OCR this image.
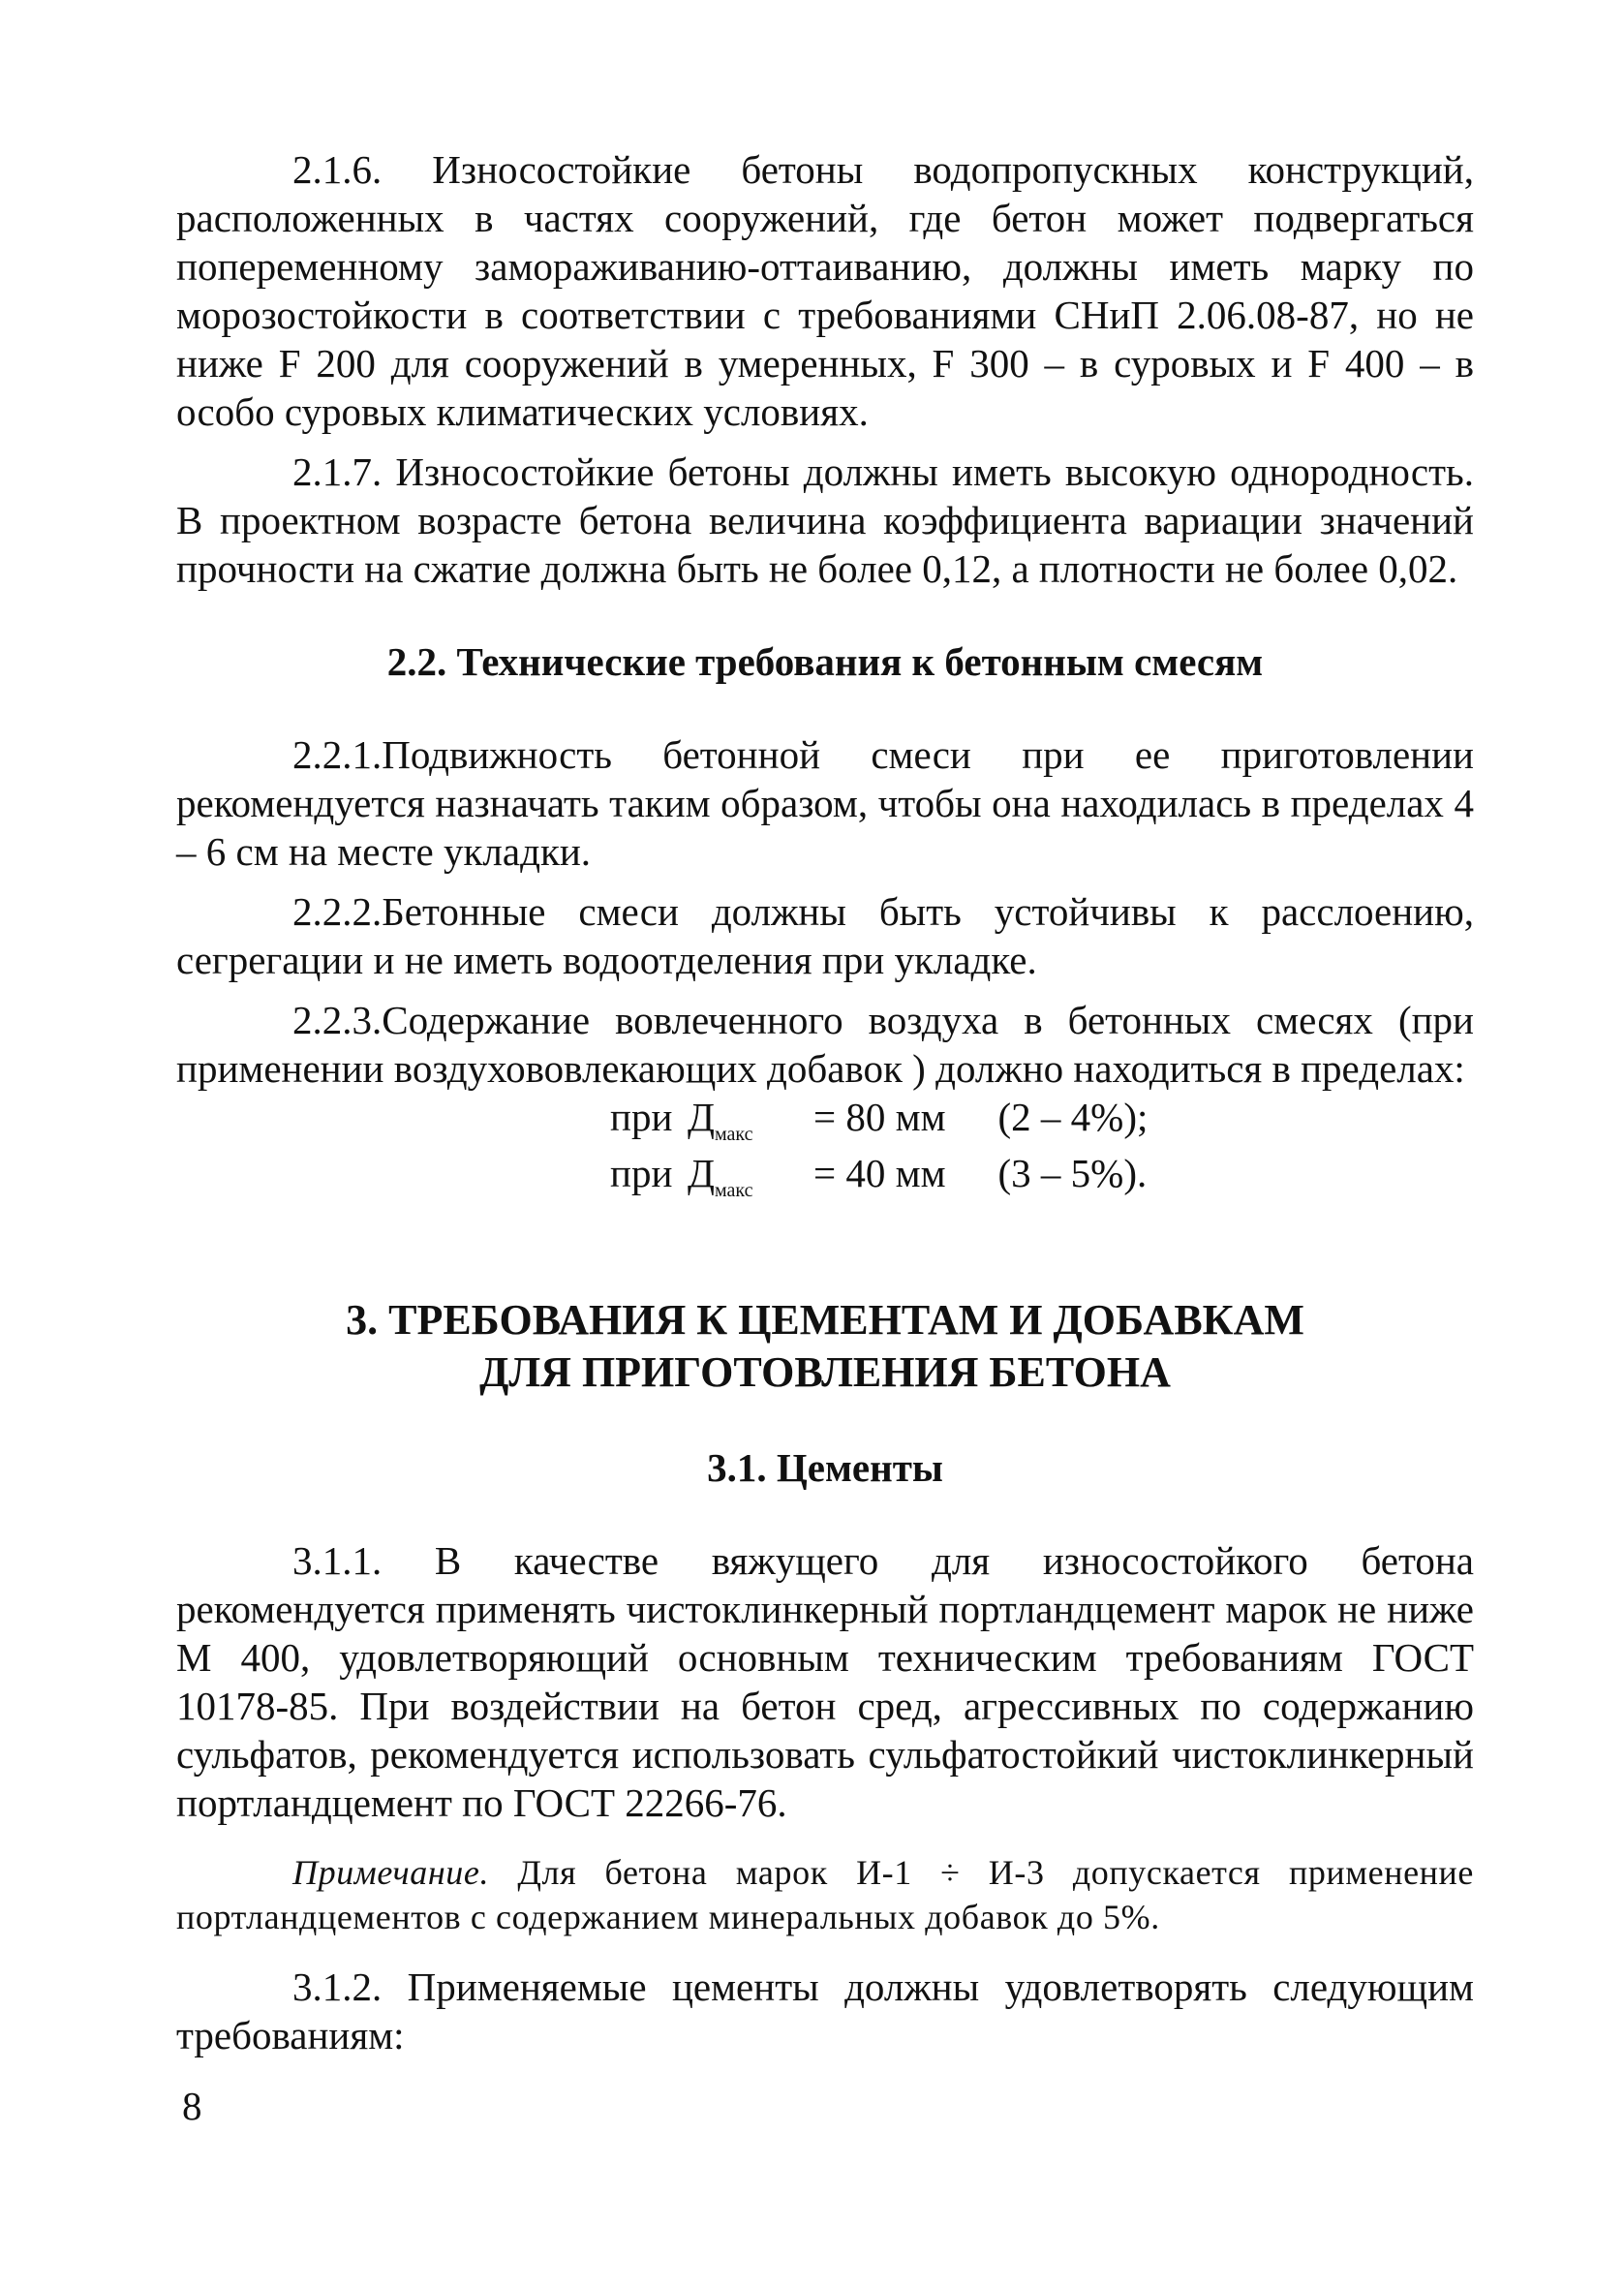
2.1.6. Износостойкие бетоны водопропускных конструкций, расположенных в частях сооружений, где бетон может подвергаться попеременному замораживанию-оттаиванию, должны иметь марку по морозостойкости в соответствии с требованиями СНиП 2.06.08-87, но не ниже F 200 для сооружений в умеренных, F 300 – в суровых и F 400 – в особо суровых климатических условиях.

2.1.7. Износостойкие бетоны должны иметь высокую однородность. В проектном возрасте бетона величина коэффициента вариации значений прочности на сжатие должна быть не более 0,12, а плотности не более 0,02.

2.2. Технические требования к бетонным смесям

2.2.1.Подвижность бетонной смеси при ее приготовлении рекомендуется назначать таким образом, чтобы она находилась в пределах 4 – 6 см на месте укладки.

2.2.2.Бетонные смеси должны быть устойчивы к расслоению, сегрегации и не иметь водоотделения при укладке.

2.2.3.Содержание вовлеченного воздуха в бетонных смесях (при применении воздухововлекающих добавок ) должно находиться в пределах:

при $Д_{макс} = 80$ мм (2 – 4%);
при $Д_{макс} = 40$ мм (3 – 5%).

3. ТРЕБОВАНИЯ К ЦЕМЕНТАМ И ДОБАВКАМ

ДЛЯ ПРИГОТОВЛЕНИЯ БЕТОНА

3.1. Цементы

3.1.1. В качестве вяжущего для износостойкого бетона рекомендуется применять чистоклинкерный портландцемент марок не ниже М 400, удовлетворяющий основным техническим требованиям ГОСТ 10178-85. При воздействии на бетон сред, агрессивных по содержанию сульфатов, рекомендуется использовать сульфатостойкий чистоклинкерный портландцемент по ГОСТ 22266-76.

Примечание. Для бетона марок И-1 ÷ И-3 допускается применение портландцементов с содержанием минеральных добавок до 5%.

3.1.2. Применяемые цементы должны удовлетворять следующим требованиям:

8
